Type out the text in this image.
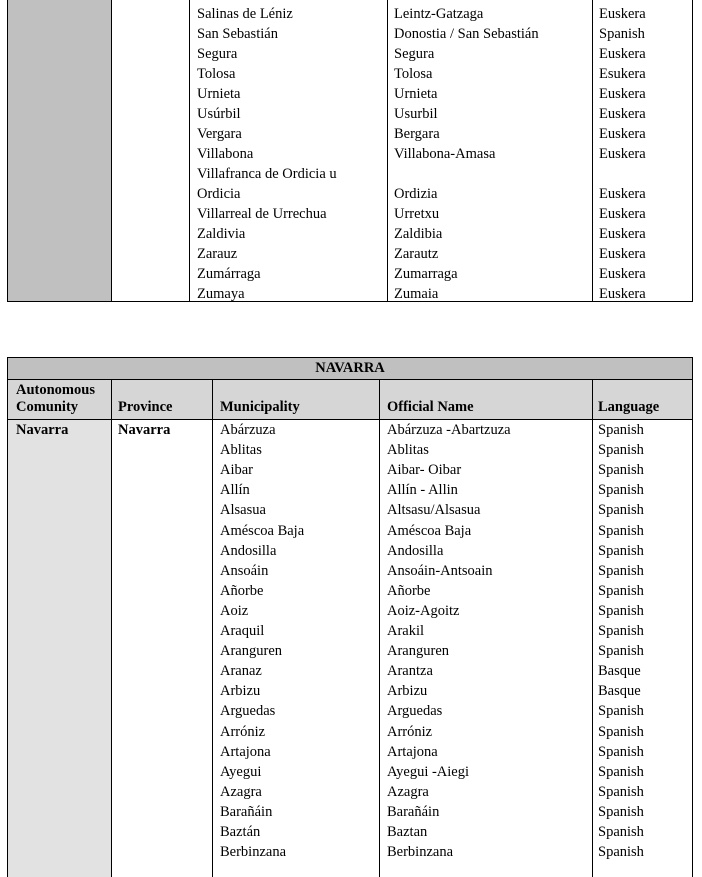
Salinas de Léniz	Leintz-Gatzaga	Euskera
San Sebastián	Donostia / San Sebastián	Spanish
Segura	Segura	Euskera
Tolosa	Tolosa	Esukera
Urnieta	Urnieta	Euskera
Usúrbil	Usurbil	Euskera
Vergara	Bergara	Euskera
Villabona	Villabona-Amasa	Euskera
Villafranca de Ordicia u
Ordicia	Ordizia	Euskera
Villarreal de Urrechua	Urretxu	Euskera
Zaldivia	Zaldibia	Euskera
Zarauz	Zarautz	Euskera
Zumárraga	Zumarraga	Euskera
Zumaya	Zumaia	Euskera
NAVARRA
Autonomous
Comunity	Province	Municipality	Official Name	Language
Navarra	Navarra	Abárzuza	Abárzuza -Abartzuza	Spanish
Ablitas	Ablitas	Spanish
Aibar	Aibar- Oibar	Spanish
Allín	Allín - Allin	Spanish
Alsasua	Altsasu/Alsasua	Spanish
Améscoa Baja	Améscoa Baja	Spanish
Andosilla	Andosilla	Spanish
Ansoáin	Ansoáin-Antsoain	Spanish
Añorbe	Añorbe	Spanish
Aoiz	Aoiz-Agoitz	Spanish
Araquil	Arakil	Spanish
Aranguren	Aranguren	Spanish
Aranaz	Arantza	Basque
Arbizu	Arbizu	Basque
Arguedas	Arguedas	Spanish
Arróniz	Arróniz	Spanish
Artajona	Artajona	Spanish
Ayegui	Ayegui -Aiegi	Spanish
Azagra	Azagra	Spanish
Barañáin	Barañáin	Spanish
Baztán	Baztan	Spanish
Berbinzana	Berbinzana	Spanish
